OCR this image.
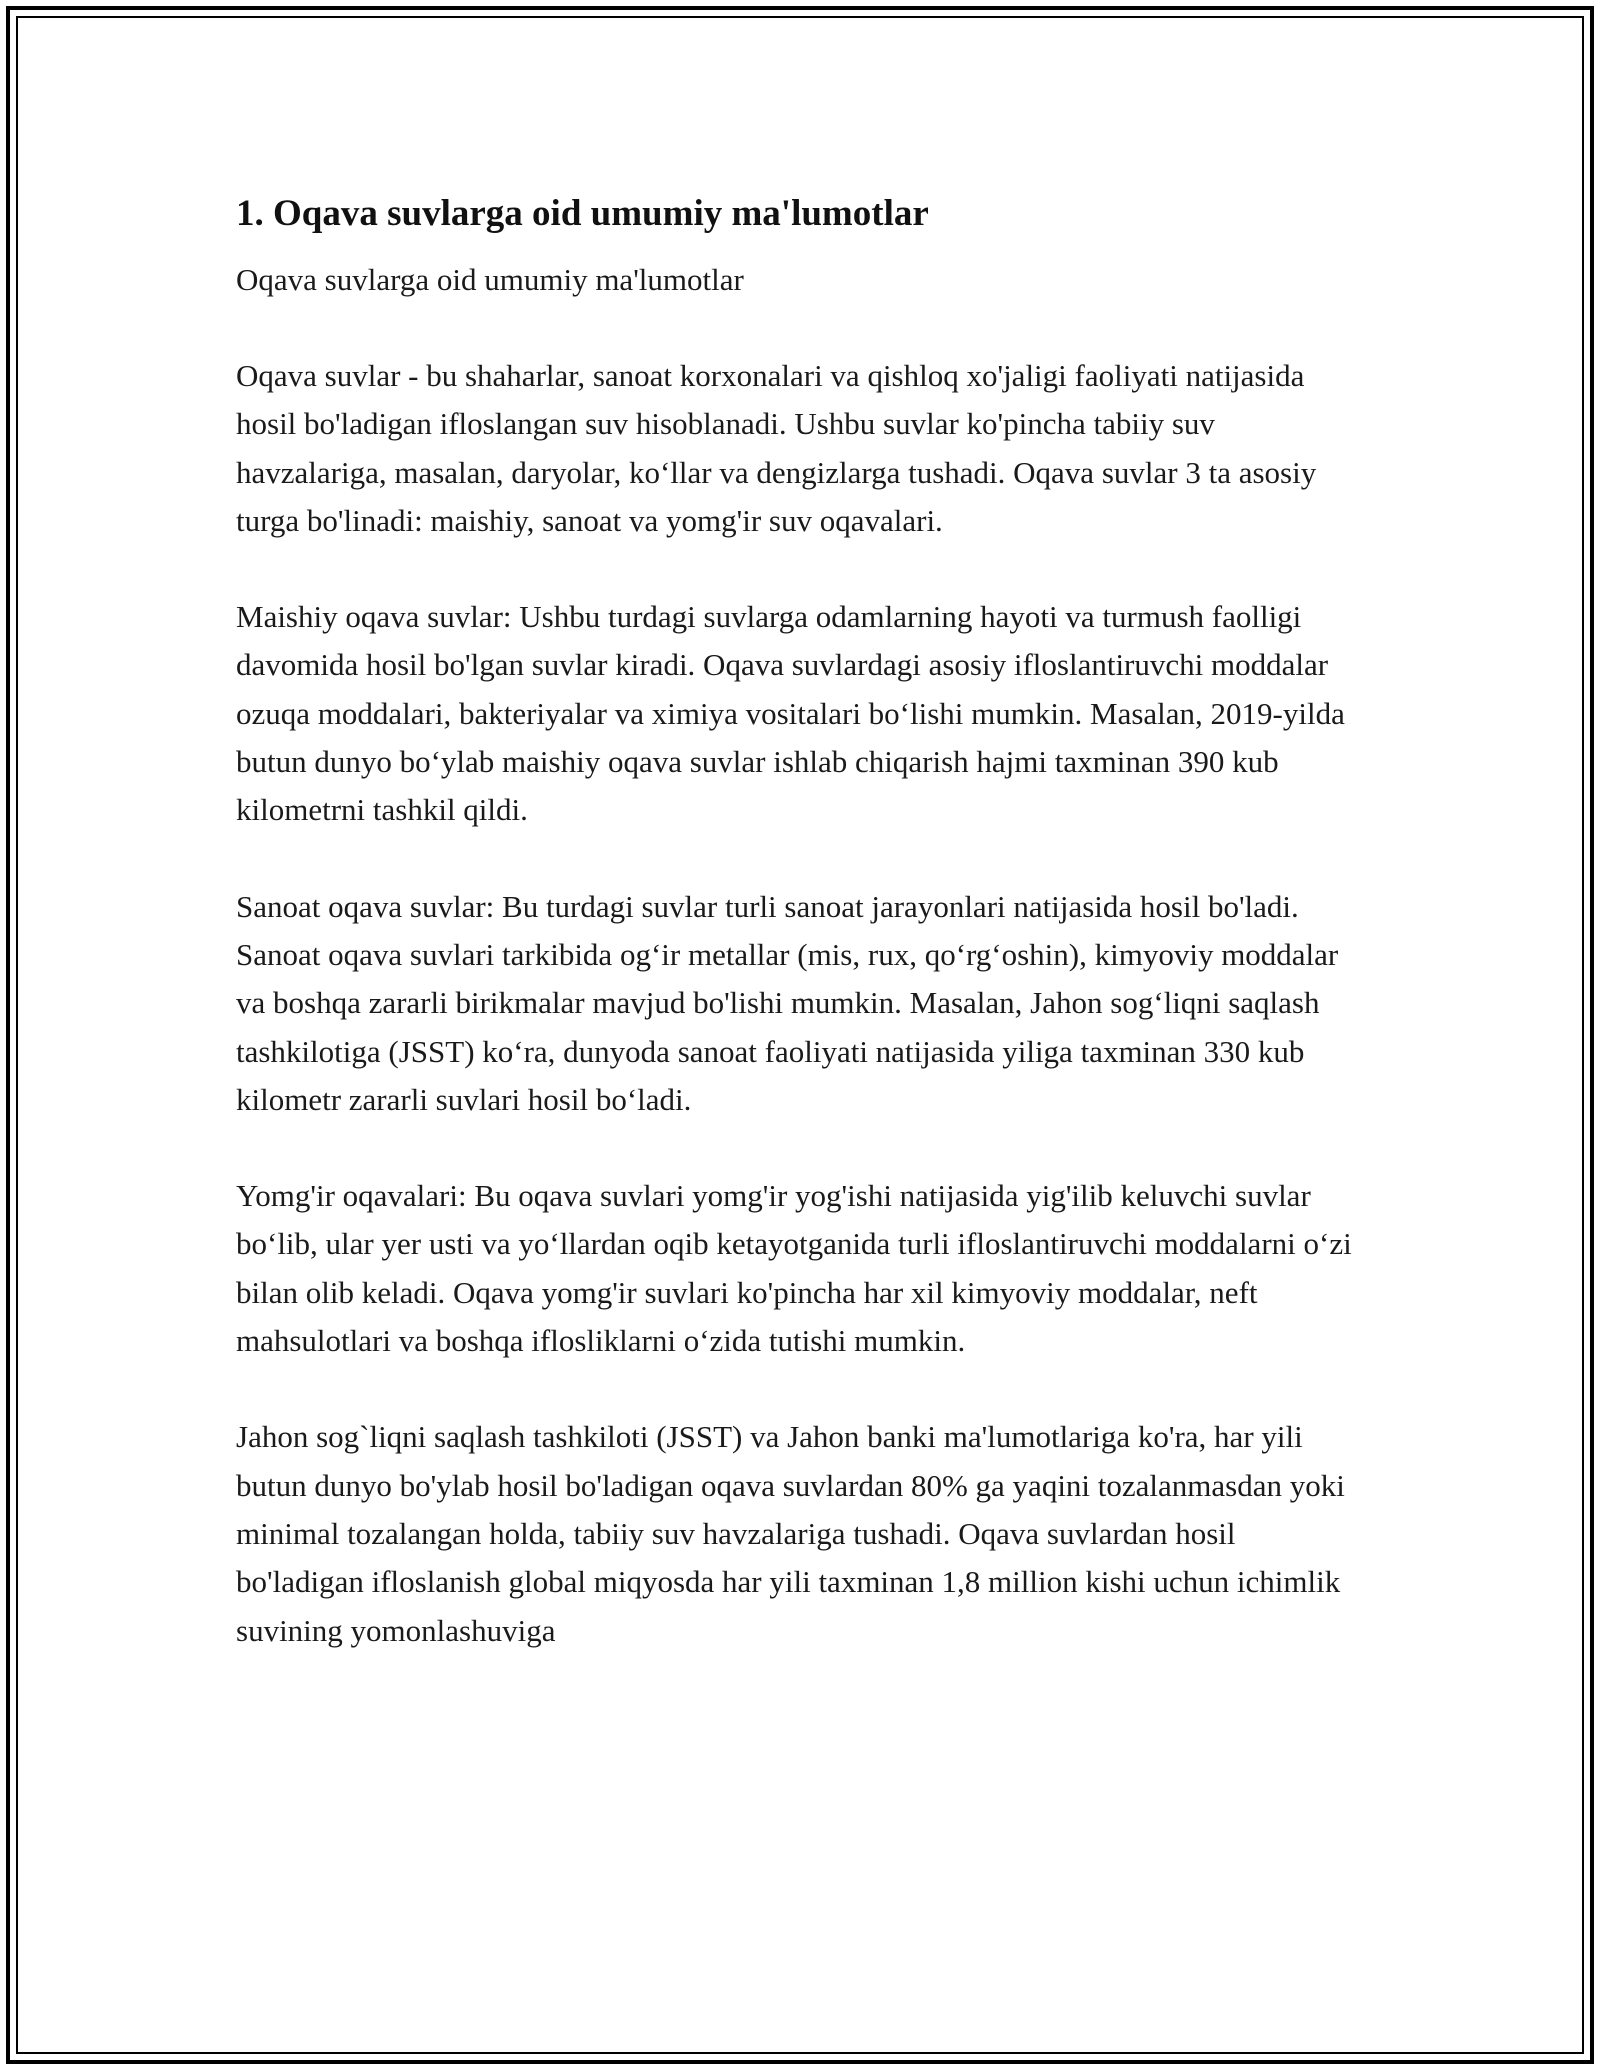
1. Oqava suvlarga oid umumiy ma'lumotlar

Oqava suvlarga oid umumiy ma'lumotlar

Oqava suvlar - bu shaharlar, sanoat korxonalari va qishloq xo'jaligi faoliyati natijasida hosil bo'ladigan ifloslangan suv hisoblanadi. Ushbu suvlar ko'pincha tabiiy suv havzalariga, masalan, daryolar, ko‘llar va dengizlarga tushadi. Oqava suvlar 3 ta asosiy turga bo'linadi: maishiy, sanoat va yomg'ir suv oqavalari.

Maishiy oqava suvlar: Ushbu turdagi suvlarga odamlarning hayoti va turmush faolligi davomida hosil bo'lgan suvlar kiradi. Oqava suvlardagi asosiy ifloslantiruvchi moddalar ozuqa moddalari, bakteriyalar va ximiya vositalari bo‘lishi mumkin. Masalan, 2019-yilda butun dunyo bo‘ylab maishiy oqava suvlar ishlab chiqarish hajmi taxminan 390 kub kilometrni tashkil qildi.

Sanoat oqava suvlar: Bu turdagi suvlar turli sanoat jarayonlari natijasida hosil bo'ladi. Sanoat oqava suvlari tarkibida og‘ir metallar (mis, rux, qo‘rg‘oshin), kimyoviy moddalar va boshqa zararli birikmalar mavjud bo'lishi mumkin. Masalan, Jahon sog‘liqni saqlash tashkilotiga (JSST) ko‘ra, dunyoda sanoat faoliyati natijasida yiliga taxminan 330 kub kilometr zararli suvlari hosil bo‘ladi.

Yomg'ir oqavalari: Bu oqava suvlari yomg'ir yog'ishi natijasida yig'ilib keluvchi suvlar bo‘lib, ular yer usti va yo‘llardan oqib ketayotganida turli ifloslantiruvchi moddalarni o‘zi bilan olib keladi. Oqava yomg'ir suvlari ko'pincha har xil kimyoviy moddalar, neft mahsulotlari va boshqa iflosliklarni o‘zida tutishi mumkin.

Jahon sog`liqni saqlash tashkiloti (JSST) va Jahon banki ma'lumotlariga ko'ra, har yili butun dunyo bo'ylab hosil bo'ladigan oqava suvlardan 80% ga yaqini tozalanmasdan yoki minimal tozalangan holda, tabiiy suv havzalariga tushadi. Oqava suvlardan hosil bo'ladigan ifloslanish global miqyosda har yili taxminan 1,8 million kishi uchun ichimlik suvining yomonlashuviga
